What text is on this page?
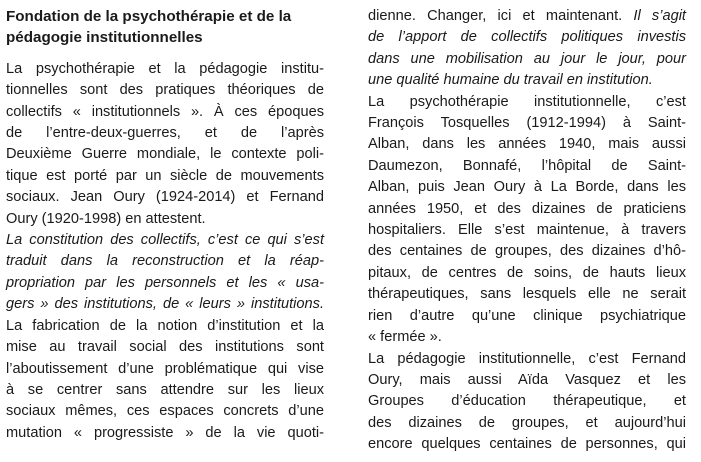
Fondation de la psychothérapie et de la
pédagogie institutionnelles
La psychothérapie et la pédagogie institu-
tionnelles sont des pratiques théoriques de
collectifs « institutionnels ». À ces époques
de l’entre-deux-guerres, et de l’après
Deuxième Guerre mondiale, le contexte poli-
tique est porté par un siècle de mouvements
sociaux. Jean Oury (1924-2014) et Fernand
Oury (1920-1998) en attestent.
La constitution des collectifs, c’est ce qui s’est
traduit dans la reconstruction et la réap-
propriation par les personnels et les « usa-
gers » des institutions, de « leurs » institutions.
La fabrication de la notion d’institution et la
mise au travail social des institutions sont
l’aboutissement d’une problématique qui vise
à se centrer sans attendre sur les lieux
sociaux mêmes, ces espaces concrets d’une
mutation « progressiste » de la vie quoti-
dienne. Changer, ici et maintenant. Il s’agit
de l’apport de collectifs politiques investis
dans une mobilisation au jour le jour, pour
une qualité humaine du travail en institution.
La psychothérapie institutionnelle, c’est
François Tosquelles (1912-1994) à Saint-
Alban, dans les années 1940, mais aussi
Daumezon, Bonnafé, l’hôpital de Saint-
Alban, puis Jean Oury à La Borde, dans les
années 1950, et des dizaines de praticiens
hospitaliers. Elle s’est maintenue, à travers
des centaines de groupes, des dizaines d’hô-
pitaux, de centres de soins, de hauts lieux
thérapeutiques, sans lesquels elle ne serait
rien d’autre qu’une clinique psychiatrique
« fermée ».
La pédagogie institutionnelle, c’est Fernand
Oury, mais aussi Aïda Vasquez et les
Groupes d’éducation thérapeutique, et
des dizaines de groupes, et aujourd’hui
encore quelques centaines de personnes, qui
